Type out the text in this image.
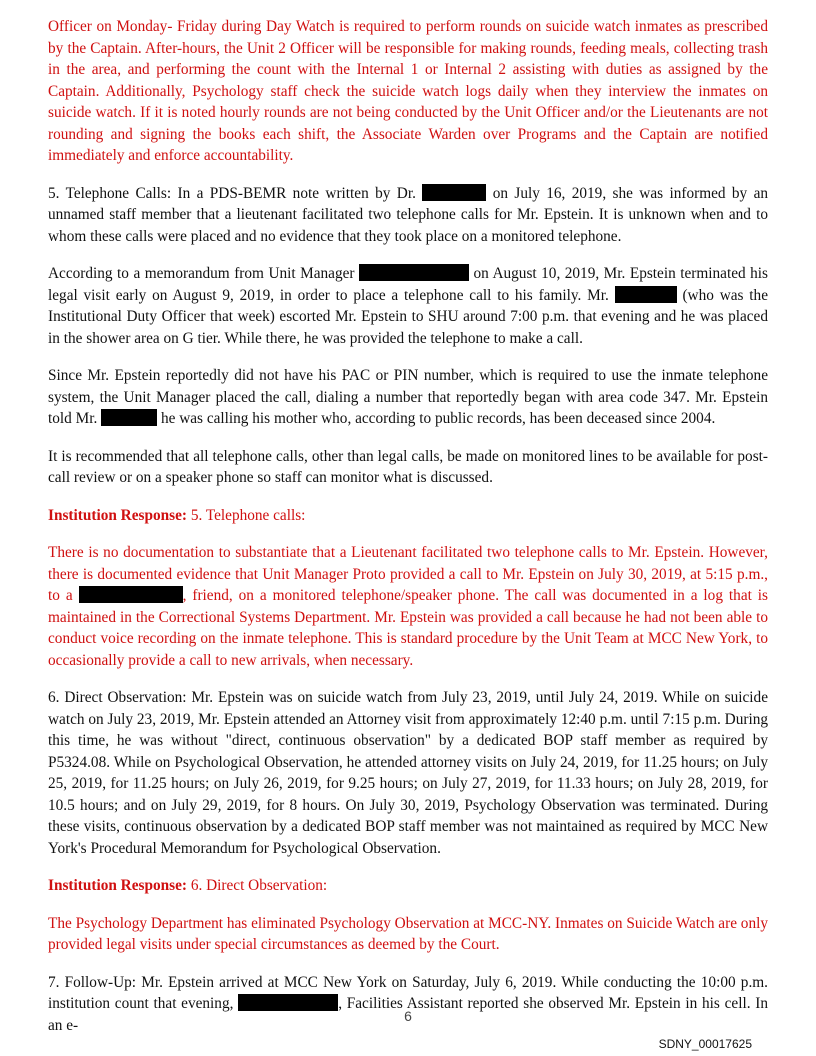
Officer on Monday- Friday during Day Watch is required to perform rounds on suicide watch inmates as prescribed by the Captain. After-hours, the Unit 2 Officer will be responsible for making rounds, feeding meals, collecting trash in the area, and performing the count with the Internal 1 or Internal 2 assisting with duties as assigned by the Captain. Additionally, Psychology staff check the suicide watch logs daily when they interview the inmates on suicide watch. If it is noted hourly rounds are not being conducted by the Unit Officer and/or the Lieutenants are not rounding and signing the books each shift, the Associate Warden over Programs and the Captain are notified immediately and enforce accountability.

5. Telephone Calls: In a PDS-BEMR note written by Dr.	on July 16, 2019, she was informed by an unnamed staff member that a lieutenant facilitated two telephone calls for Mr. Epstein. It is unknown when and to whom these calls were placed and no evidence that they took place on a monitored telephone.

According to a memorandum from Unit Manager	on August 10, 2019, Mr. Epstein terminated his legal visit early on August 9, 2019, in order to place a telephone call to his family. Mr.	(who was the Institutional Duty Officer that week) escorted Mr. Epstein to SHU around 7:00 p.m. that evening and he was placed in the shower area on G tier. While there, he was provided the telephone to make a call.

Since Mr. Epstein reportedly did not have his PAC or PIN number, which is required to use the inmate telephone system, the Unit Manager placed the call, dialing a number that reportedly began with area code 347. Mr. Epstein told Mr.	he was calling his mother who, according to public records, has been deceased since 2004.

It is recommended that all telephone calls, other than legal calls, be made on monitored lines to be available for post-call review or on a speaker phone so staff can monitor what is discussed.

Institution Response: 5. Telephone calls:

There is no documentation to substantiate that a Lieutenant facilitated two telephone calls to Mr. Epstein. However, there is documented evidence that Unit Manager Proto provided a call to Mr. Epstein on July 30, 2019, at 5:15 p.m., to a	, friend, on a monitored telephone/speaker phone. The call was documented in a log that is maintained in the Correctional Systems Department. Mr. Epstein was provided a call because he had not been able to conduct voice recording on the inmate telephone. This is standard procedure by the Unit Team at MCC New York, to occasionally provide a call to new arrivals, when necessary.

6. Direct Observation: Mr. Epstein was on suicide watch from July 23, 2019, until July 24, 2019. While on suicide watch on July 23, 2019, Mr. Epstein attended an Attorney visit from approximately 12:40 p.m. until 7:15 p.m. During this time, he was without "direct, continuous observation" by a dedicated BOP staff member as required by P5324.08. While on Psychological Observation, he attended attorney visits on July 24, 2019, for 11.25 hours; on July 25, 2019, for 11.25 hours; on July 26, 2019, for 9.25 hours; on July 27, 2019, for 11.33 hours; on July 28, 2019, for 10.5 hours; and on July 29, 2019, for 8 hours. On July 30, 2019, Psychology Observation was terminated. During these visits, continuous observation by a dedicated BOP staff member was not maintained as required by MCC New York's Procedural Memorandum for Psychological Observation.

Institution Response: 6. Direct Observation:

The Psychology Department has eliminated Psychology Observation at MCC-NY. Inmates on Suicide Watch are only provided legal visits under special circumstances as deemed by the Court.

7. Follow-Up: Mr. Epstein arrived at MCC New York on Saturday, July 6, 2019. While conducting the 10:00 p.m. institution count that evening,	, Facilities Assistant reported she observed Mr. Epstein in his cell. In an e-

6
SDNY_00017625
